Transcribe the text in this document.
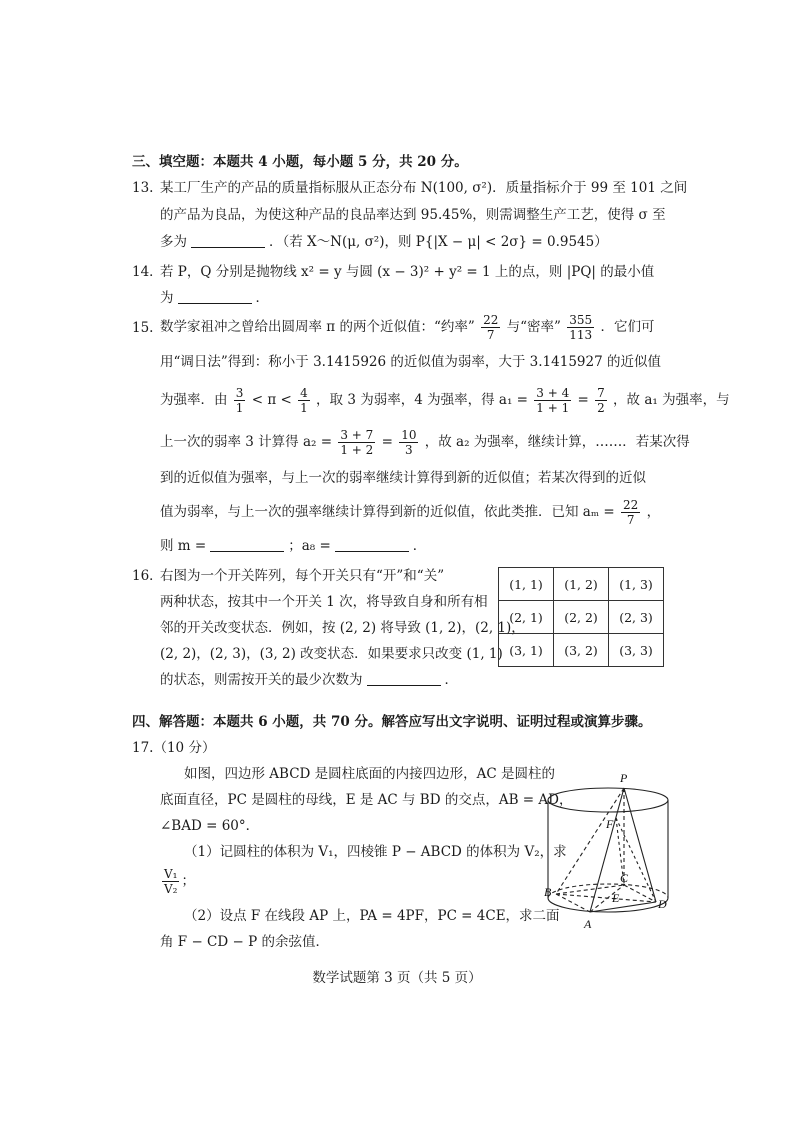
三、填空题：本题共 4 小题，每小题 5 分，共 20 分。
13. 某工厂生产的产品的质量指标服从正态分布 N(100, σ²)．质量指标介于 99 至 101 之间
的产品为良品，为使这种产品的良品率达到 95.45%，则需调整生产工艺，使得 σ 至
多为	．（若 X～N(μ, σ²)，则 P{|X − μ| < 2σ} = 0.9545）
14．
若 P，Q 分别是抛物线 x² = y 与圆 (x − 3)² + y² = 1 上的点，则 |PQ| 的最小值
为	．
15. 数学家祖冲之曾给出圆周率 π 的两个近似值：“约率” $\frac{22}{7}$ 与“密率” $\frac{355}{113}$ ．它们可
用“调日法”得到：称小于 3.1415926 的近似值为弱率，大于 3.1415927 的近似值
为强率．由 $\frac{3}{1} < \pi < \frac{4}{1}$ ，取 3 为弱率，4 为强率，得 $a_1 = \frac{3 + 4}{1 + 1} = \frac{7}{2}$ ，故 a₁ 为强率，与
上一次的弱率 3 计算得 $a_2 = \frac{3 + 7}{1 + 2} = \frac{10}{3}$ ，故 a₂ 为强率，继续计算，……．若某次得
到的近似值为强率，与上一次的弱率继续计算得到新的近似值；若某次得到的近似
值为弱率，与上一次的强率继续计算得到新的近似值，依此类推．已知 $a_m = \frac{22}{7}$ ，
则 m =	；a₈ =	．
16．
右图为一个开关阵列，每个开关只有“开”和“关”
两种状态，按其中一个开关 1 次，将导致自身和所有相
邻的开关改变状态．例如，按 (2, 2) 将导致 (1, 2)，(2, 1)，
(2, 2)，(2, 3)，(3, 2) 改变状态．如果要求只改变 (1, 1)
的状态，则需按开关的最少次数为	．
(1, 1)	(1, 2)	(1, 3)
(2, 1)	(2, 2)	(2, 3)
(3, 1)	(3, 2)	(3, 3)
四、解答题：本题共 6 小题，共 70 分。解答应写出文字说明、证明过程或演算步骤。
17.（10 分）
如图，四边形 ABCD 是圆柱底面的内接四边形，AC 是圆柱的
底面直径，PC 是圆柱的母线，E 是 AC 与 BD 的交点，AB = AD，
∠BAD = 60°．
（1）记圆柱的体积为 V₁，四棱锥 P − ABCD 的体积为 V₂，求
$\frac{\text{V₁}}{\text{V₂}}$ ；
（2）设点 F 在线段 AP 上，PA = 4PF，PC = 4CE，求二面
角 F − CD − P 的余弦值．
P
F
B
C
E	D
A
数学试题第 3 页（共 5 页）
